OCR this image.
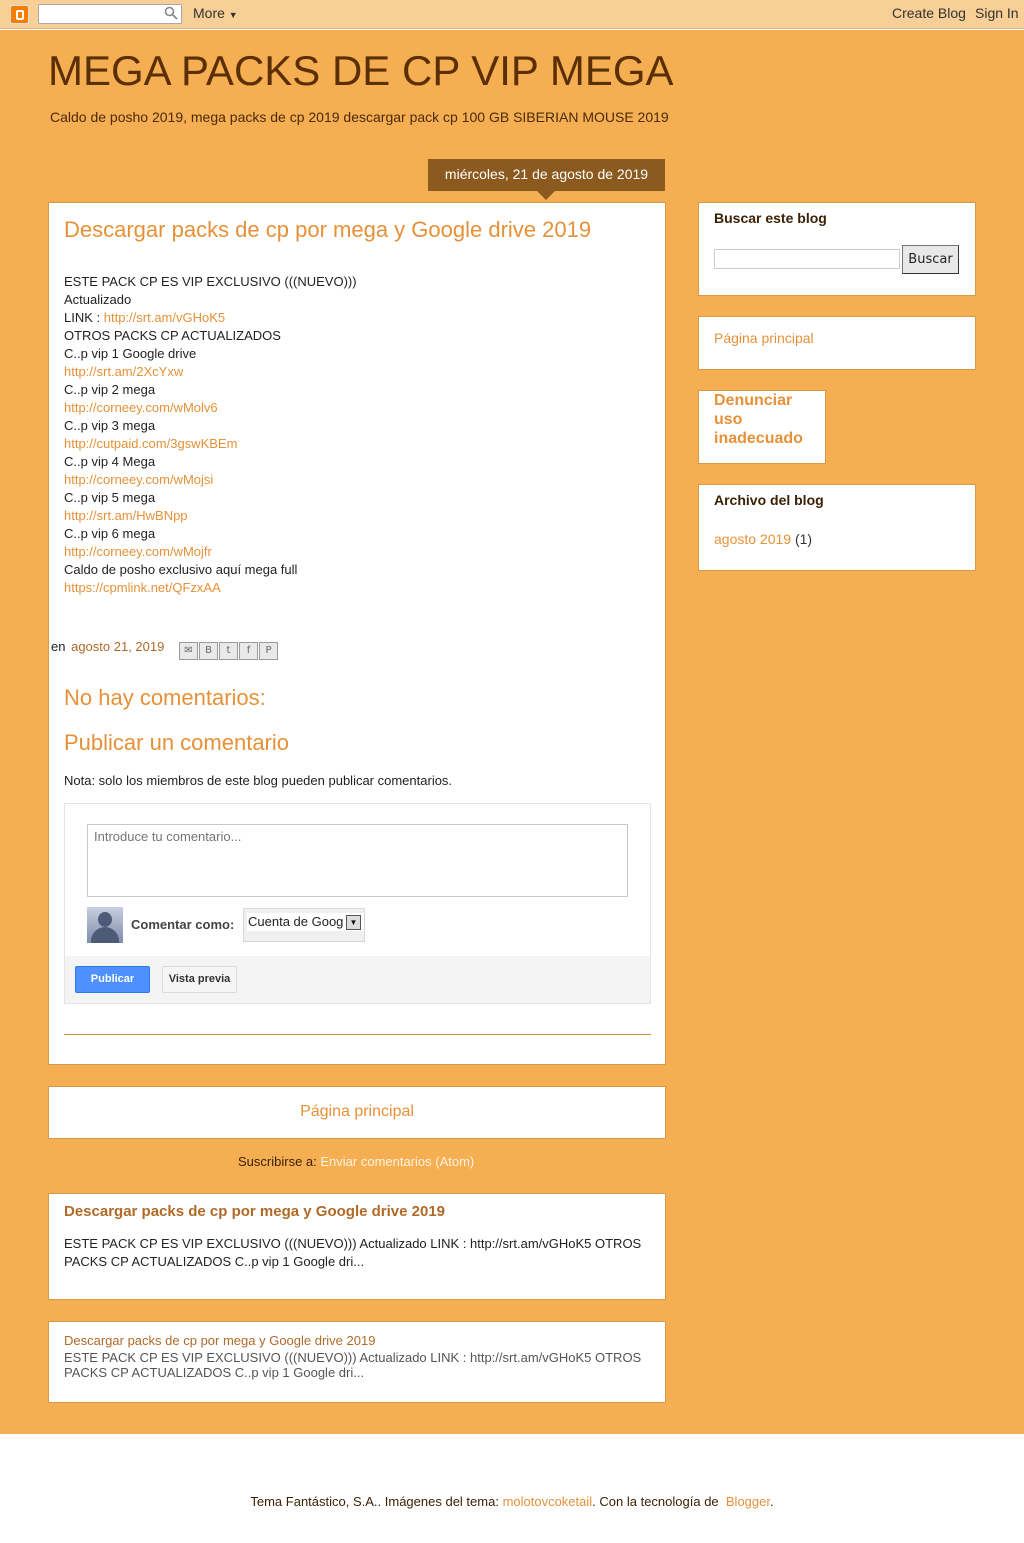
More ▼	Create Blog Sign In
MEGA PACKS DE CP VIP MEGA
Caldo de posho 2019, mega packs de cp 2019 descargar pack cp 100 GB SIBERIAN MOUSE 2019
miércoles, 21 de agosto de 2019
Descargar packs de cp por mega y Google drive 2019
ESTE PACK CP ES VIP EXCLUSIVO (((NUEVO)))
Actualizado
LINK : http://srt.am/vGHoK5
OTROS PACKS CP ACTUALIZADOS
C..p vip 1 Google drive
http://srt.am/2XcYxw
C..p vip 2 mega
http://corneey.com/wMolv6
C..p vip 3 mega
http://cutpaid.com/3gswKBEm
C..p vip 4 Mega
http://corneey.com/wMojsi
C..p vip 5 mega
http://srt.am/HwBNpp
C..p vip 6 mega
http://corneey.com/wMojfr
Caldo de posho exclusivo aquí mega full
https://cpmlink.net/QFzxAA
en agosto 21, 2019	✉	B	t	f	P
No hay comentarios:
Publicar un comentario
Nota: solo los miembros de este blog pueden publicar comentarios.
Introduce tu comentario...
Comentar como: Cuenta de Goog ▼
Publicar	Vista previa
Página principal
Suscribirse a: Enviar comentarios (Atom)
Descargar packs de cp por mega y Google drive 2019
ESTE PACK CP ES VIP EXCLUSIVO (((NUEVO))) Actualizado LINK : http://srt.am/vGHoK5 OTROS PACKS CP ACTUALIZADOS C..p vip 1 Google dri...
Descargar packs de cp por mega y Google drive 2019
ESTE PACK CP ES VIP EXCLUSIVO (((NUEVO))) Actualizado LINK : http://srt.am/vGHoK5 OTROS PACKS CP ACTUALIZADOS C..p vip 1 Google dri...
Buscar este blog
Buscar
Página principal
Denunciar uso inadecuado
Archivo del blog
agosto 2019 (1)
Tema Fantástico, S.A.. Imágenes del tema: molotovcoketail. Con la tecnología de  Blogger.
